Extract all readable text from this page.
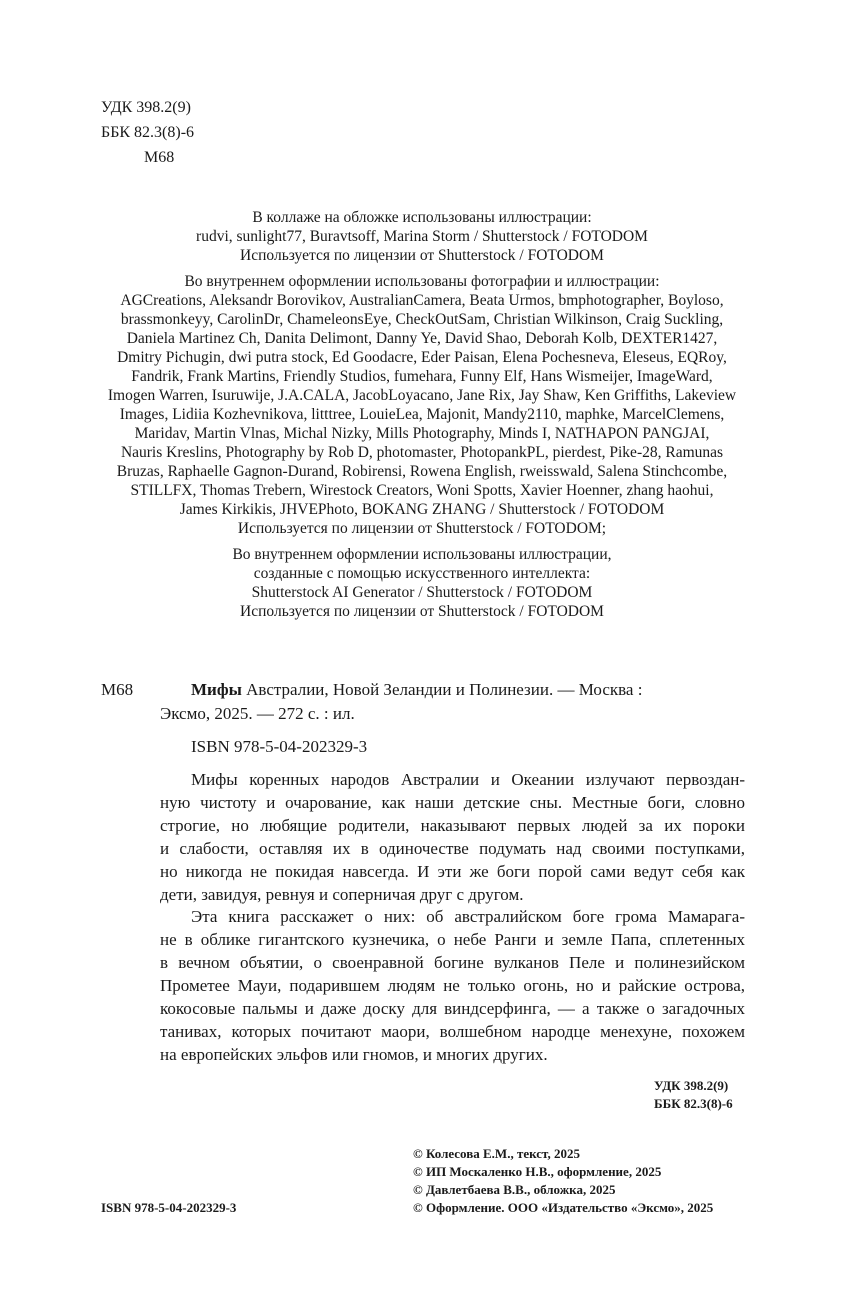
УДК 398.2(9)
ББК 82.3(8)-6
М68
В коллаже на обложке использованы иллюстрации:
rudvi, sunlight77, Buravtsoff, Marina Storm / Shutterstock / FOTODOM
Используется по лицензии от Shutterstock / FOTODOM
Во внутреннем оформлении использованы фотографии и иллюстрации:
AGCreations, Aleksandr Borovikov, AustralianCamera, Beata Urmos, bmphotographer, Boyloso,
brassmonkeyy, CarolinDr, ChameleonsEye, CheckOutSam, Christian Wilkinson, Craig Suckling,
Daniela Martinez Ch, Danita Delimont, Danny Ye, David Shao, Deborah Kolb, DEXTER1427,
Dmitry Pichugin, dwi putra stock, Ed Goodacre, Eder Paisan, Elena Pochesneva, Eleseus, EQRoy,
Fandrik, Frank Martins, Friendly Studios, fumehara, Funny Elf, Hans Wismeijer, ImageWard,
Imogen Warren, Isuruwije, J.A.CALA, JacobLoyacano, Jane Rix, Jay Shaw, Ken Griffiths, Lakeview
Images, Lidiia Kozhevnikova, litttree, LouieLea, Majonit, Mandy2110, maphke, MarcelClemens,
Maridav, Martin Vlnas, Michal Nizky, Mills Photography, Minds I, NATHAPON PANGJAI,
Nauris Kreslins, Photography by Rob D, photomaster, PhotopankPL, pierdest, Pike-28, Ramunas
Bruzas, Raphaelle Gagnon-Durand, Robirensi, Rowena English, rweisswald, Salena Stinchcombe,
STILLFX, Thomas Trebern, Wirestock Creators, Woni Spotts, Xavier Hoenner, zhang haohui,
James Kirkikis, JHVEPhoto, BOKANG ZHANG / Shutterstock / FOTODOM
Используется по лицензии от Shutterstock / FOTODOM;
Во внутреннем оформлении использованы иллюстрации,
созданные с помощью искусственного интеллекта:
Shutterstock AI Generator / Shutterstock / FOTODOM
Используется по лицензии от Shutterstock / FOTODOM
М68	Мифы Австралии, Новой Зеландии и Полинезии. — Москва :
Эксмо, 2025. — 272 с. : ил.
ISBN 978-5-04-202329-3
Мифы коренных народов Австралии и Океании излучают первоздан-
ную чистоту и очарование, как наши детские сны. Местные боги, словно
строгие, но любящие родители, наказывают первых людей за их пороки
и слабости, оставляя их в одиночестве подумать над своими поступками,
но никогда не покидая навсегда. И эти же боги порой сами ведут себя как
дети, завидуя, ревнуя и соперничая друг с другом.
Эта книга расскажет о них: об австралийском боге грома Мамарага-
не в облике гигантского кузнечика, о небе Ранги и земле Папа, сплетенных
в вечном объятии, о своенравной богине вулканов Пеле и полинезийском
Прометее Мауи, подарившем людям не только огонь, но и райские острова,
кокосовые пальмы и даже доску для виндсерфинга, — а также о загадочных
танивах, которых почитают маори, волшебном народце менехуне, похожем
на европейских эльфов или гномов, и многих других.
УДК 398.2(9)
ББК 82.3(8)-6
© Колесова Е.М., текст, 2025
© ИП Москаленко Н.В., оформление, 2025
© Давлетбаева В.В., обложка, 2025
© Оформление. ООО «Издательство «Эксмо», 2025
ISBN 978-5-04-202329-3
